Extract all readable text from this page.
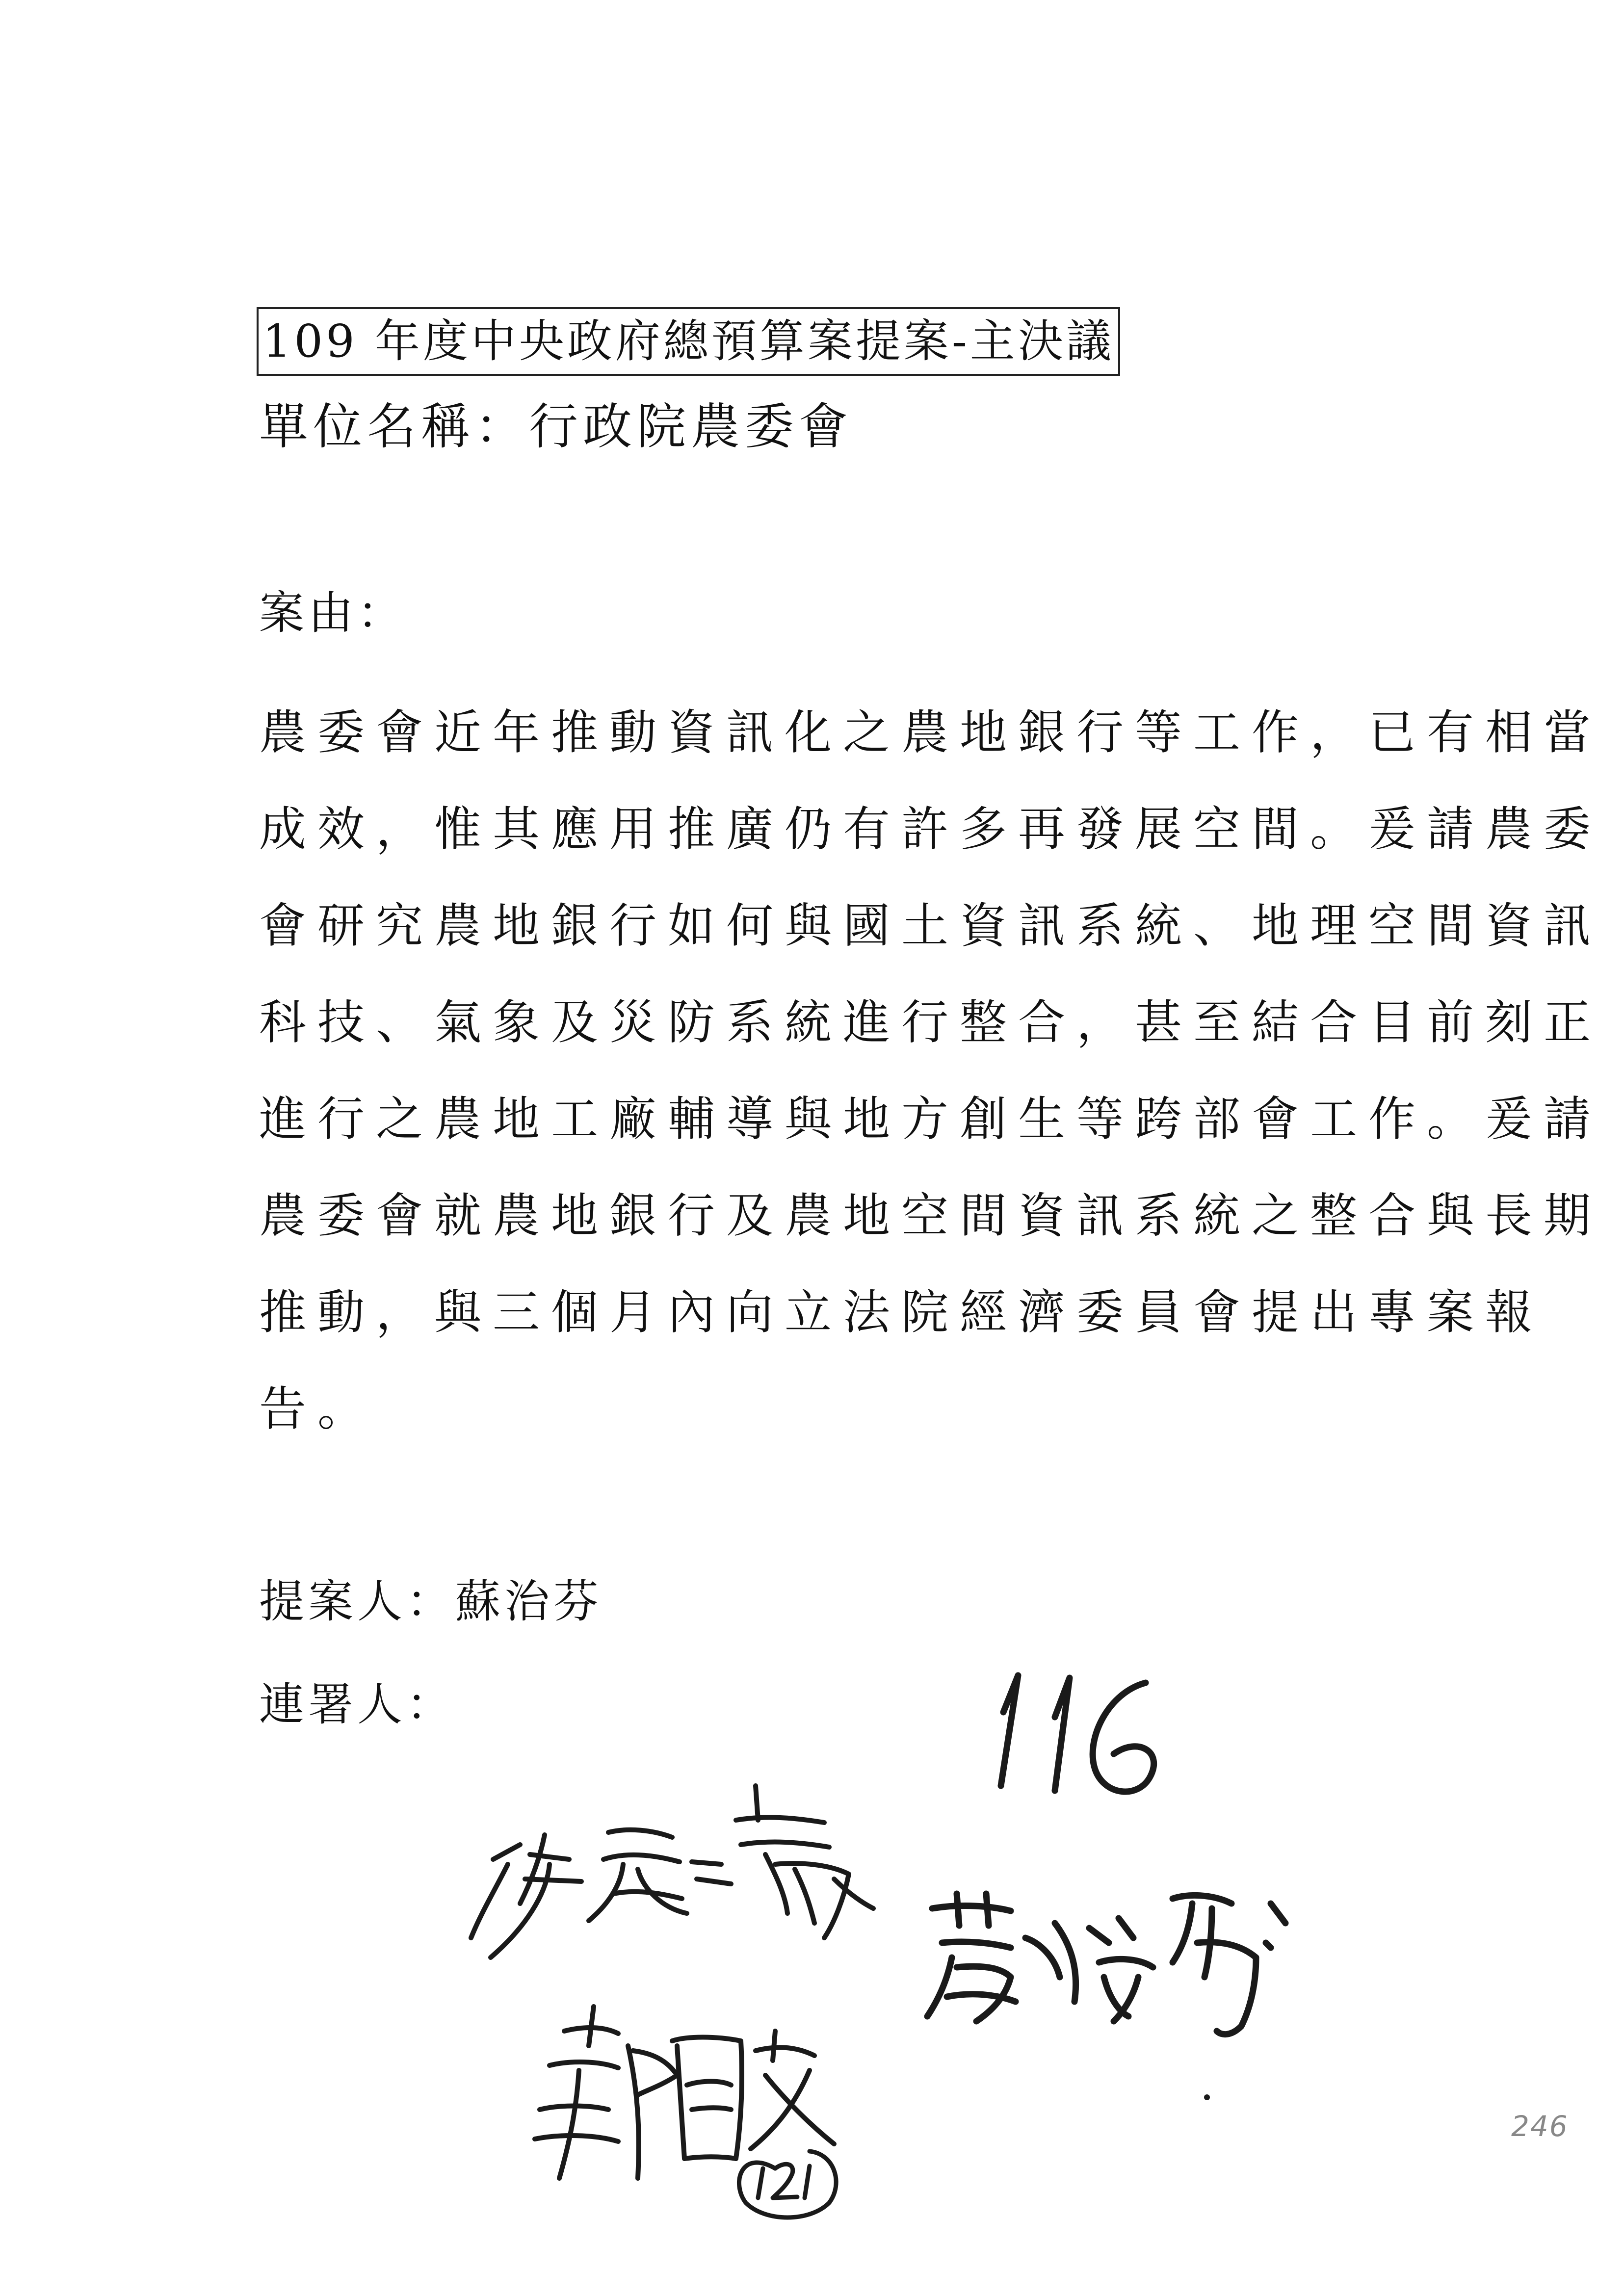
109 年度中央政府總預算案提案-主決議
單位名稱：行政院農委會
案由：
農委會近年推動資訊化之農地銀行等工作，已有相當
成效，惟其應用推廣仍有許多再發展空間。爰請農委
會研究農地銀行如何與國土資訊系統、地理空間資訊
科技、氣象及災防系統進行整合，甚至結合目前刻正
進行之農地工廠輔導與地方創生等跨部會工作。爰請
農委會就農地銀行及農地空間資訊系統之整合與長期
推動，與三個月內向立法院經濟委員會提出專案報
告。
提案人：蘇治芬
連署人：
246
